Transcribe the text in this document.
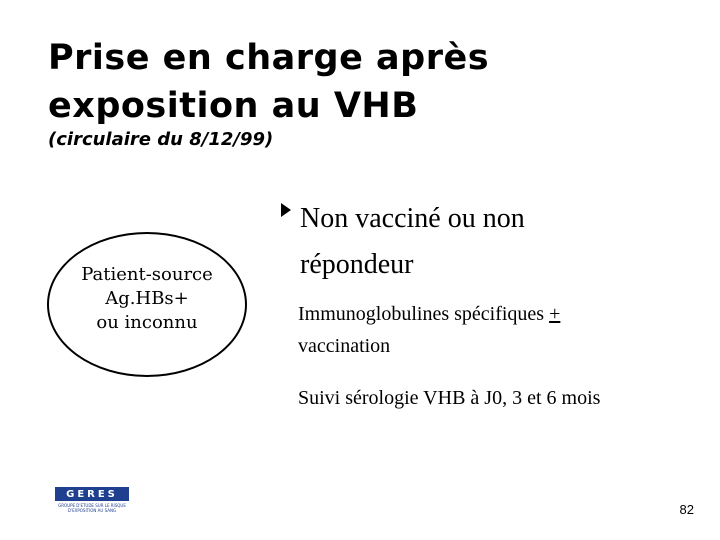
Prise en charge après
exposition au VHB

(circulaire du 8/12/99)

Patient-source
Ag.HBs+
ou inconnu
Non vacciné ou non
répondeur
Immunoglobulines spécifiques +
vaccination
Suivi sérologie VHB à J0, 3 et 6 mois
GERES
GROUPE D'ETUDE SUR LE RISQUE D'EXPOSITION AU SANG	82
